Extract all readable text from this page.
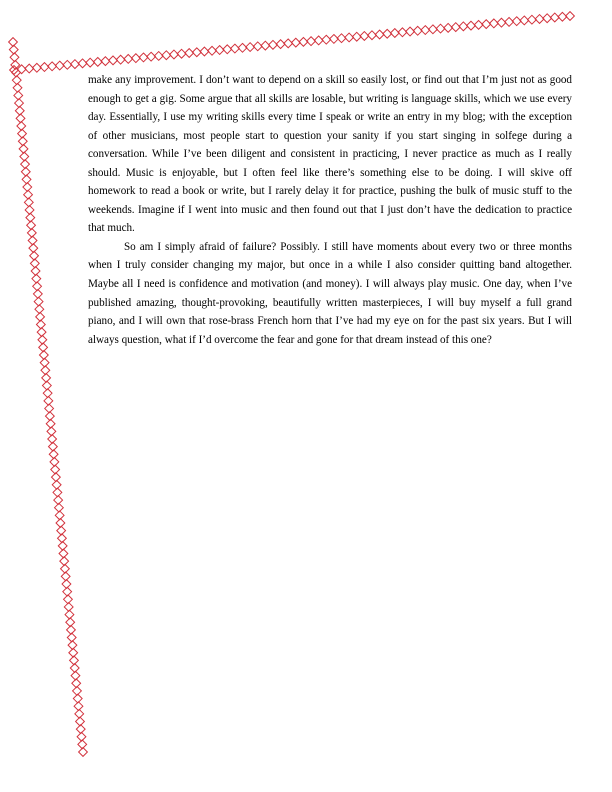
make any improvement. I don’t want to depend on a skill so easily lost, or find out that I’m just not as good enough to get a gig. Some argue that all skills are losable, but writing is language skills, which we use every day. Essentially, I use my writing skills every time I speak or write an entry in my blog; with the exception of other musicians, most people start to question your sanity if you start singing in solfege during a conversation. While I’ve been diligent and consistent in practicing, I never practice as much as I really should. Music is enjoyable, but I often feel like there’s something else to be doing. I will skive off homework to read a book or write, but I rarely delay it for practice, pushing the bulk of music stuff to the weekends. Imagine if I went into music and then found out that I just don’t have the dedication to practice that much.

So am I simply afraid of failure? Possibly. I still have moments about every two or three months when I truly consider changing my major, but once in a while I also consider quitting band altogether. Maybe all I need is confidence and motivation (and money). I will always play music. One day, when I’ve published amazing, thought-provoking, beautifully written masterpieces, I will buy myself a full grand piano, and I will own that rose-brass French horn that I’ve had my eye on for the past six years. But I will always question, what if I’d overcome the fear and gone for that dream instead of this one?
